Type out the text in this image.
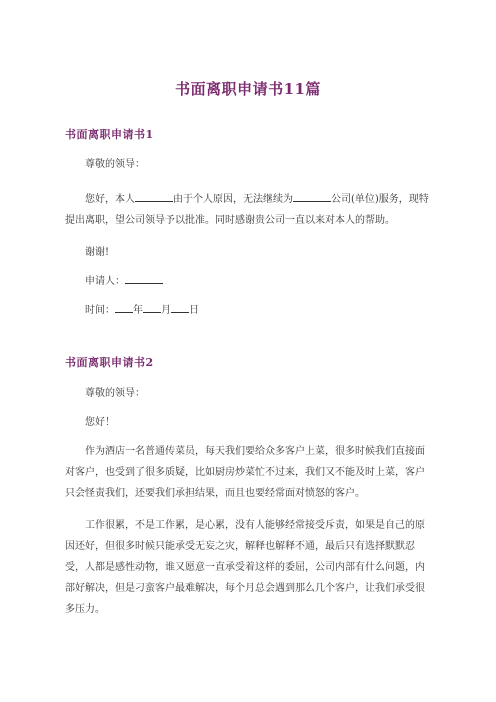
书面离职申请书11篇
书面离职申请书1

尊敬的领导：

您好，本人	由于个人原因，无法继续为	公司(单位)服务，现特提出离职，望公司领导予以批准。同时感谢贵公司一直以来对本人的帮助。

谢谢!

申请人：

时间： 年 月 日

书面离职申请书2

尊敬的领导：

您好！

作为酒店一名普通传菜员，每天我们要给众多客户上菜，很多时候我们直接面对客户，也受到了很多质疑，比如厨房炒菜忙不过来，我们又不能及时上菜，客户只会怪责我们，还要我们承担结果，而且也要经常面对愤怒的客户。

工作很累，不是工作累，是心累，没有人能够经常接受斥责，如果是自己的原因还好，但很多时候只能承受无妄之灾，解释也解释不通，最后只有选择默默忍受，人都是感性动物，谁又愿意一直承受着这样的委屈，公司内部有什么问题，内部好解决，但是刁蛮客户最难解决，每个月总会遇到那么几个客户，让我们承受很多压力。
